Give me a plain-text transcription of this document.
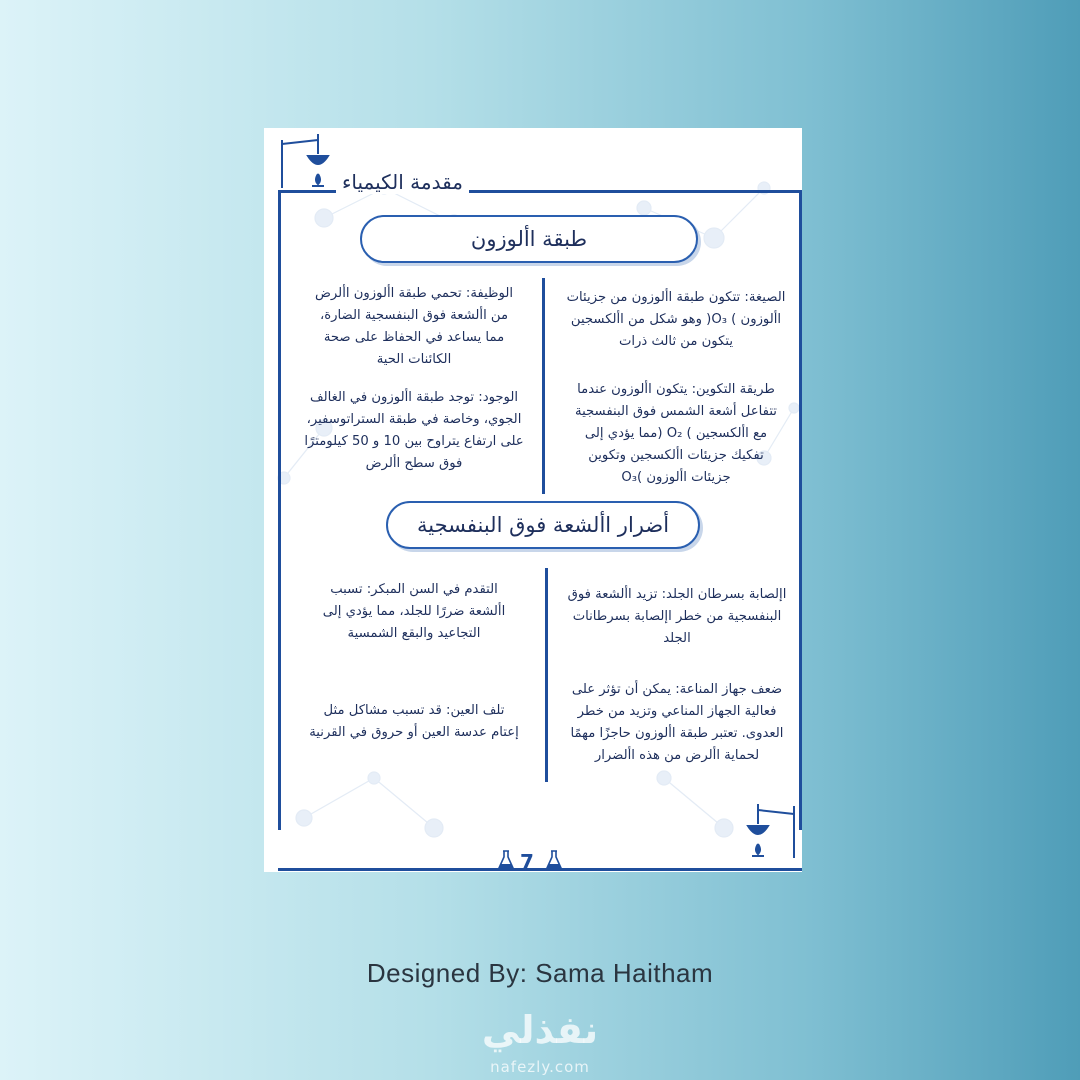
مقدمة الكيمياء
طبقة األوزون
الصيغة: تتكون طبقة األوزون من جزيئات
األوزون ) O₃( وهو شكل من األكسجين
يتكون من ثالث ذرات
الوظيفة: تحمي طبقة األوزون األرض
من األشعة فوق البنفسجية الضارة،
مما يساعد في الحفاظ على صحة
الكائنات الحية
طريقة التكوين: يتكون األوزون عندما
تتفاعل أشعة الشمس فوق البنفسجية
مع األكسجين ) O₂ (مما يؤدي إلى
تفكيك جزيئات األكسجين وتكوين
جزيئات األوزون )O₃
الوجود: توجد طبقة األوزون في الغالف
الجوي، وخاصة في طبقة الستراتوسفير،
على ارتفاع يتراوح بين 10 و 50 كيلومترًا
فوق سطح األرض
أضرار األشعة فوق البنفسجية
اإلصابة بسرطان الجلد: تزيد األشعة فوق
البنفسجية من خطر اإلصابة بسرطانات
الجلد
التقدم في السن المبكر: تسبب
األشعة ضررًا للجلد، مما يؤدي إلى
التجاعيد والبقع الشمسية
ضعف جهاز المناعة: يمكن أن تؤثر على
فعالية الجهاز المناعي وتزيد من خطر
العدوى. تعتبر طبقة األوزون حاجزًا مهمًا
لحماية األرض من هذه األضرار
تلف العين: قد تسبب مشاكل مثل
إعتام عدسة العين أو حروق في القرنية
7
Designed By: Sama Haitham
نفذلي
nafezly.com
